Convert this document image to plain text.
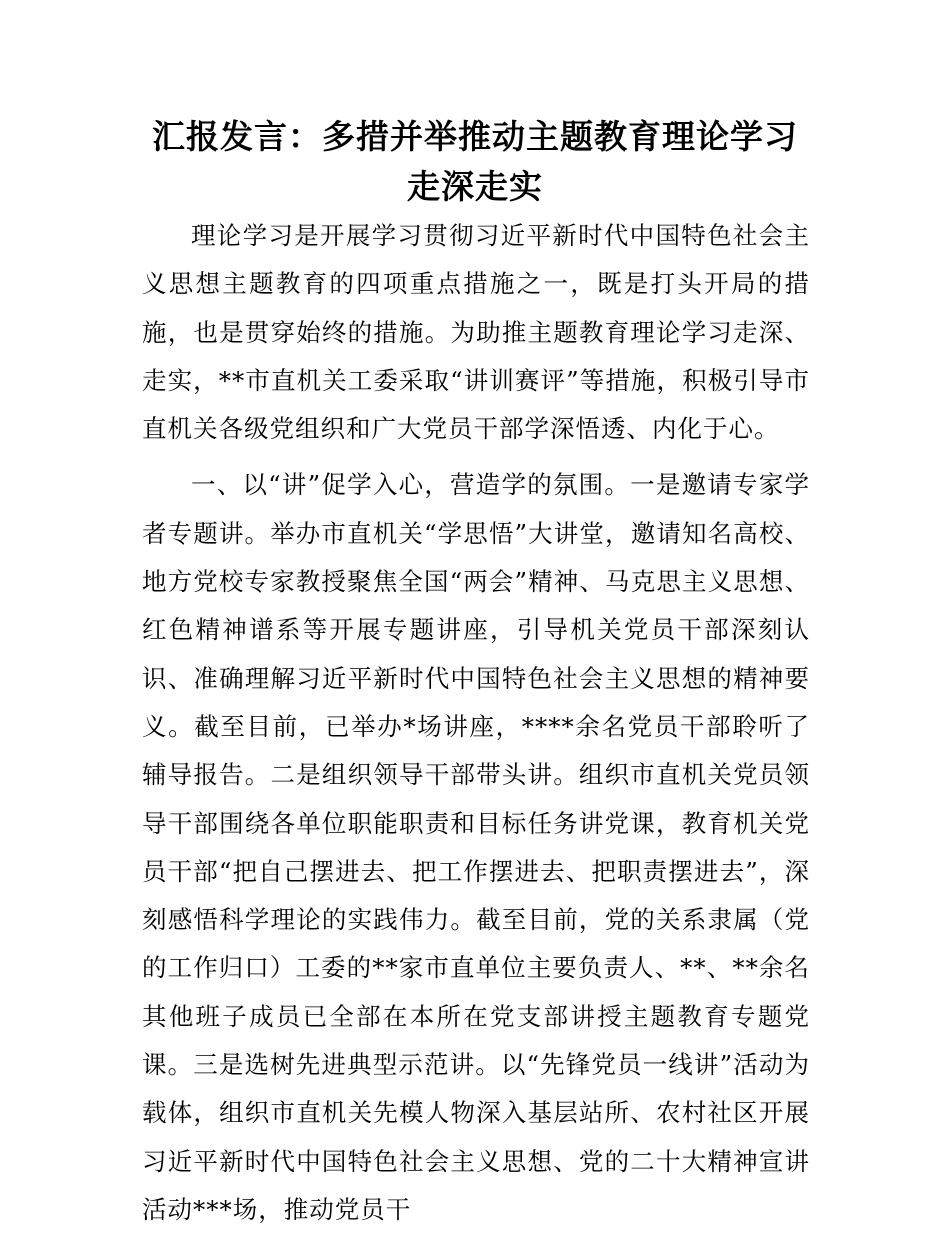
汇报发言：多措并举推动主题教育理论学习走深走实

理论学习是开展学习贯彻习近平新时代中国特色社会主义思想主题教育的四项重点措施之一，既是打头开局的措施，也是贯穿始终的措施。为助推主题教育理论学习走深、走实，**市直机关工委采取“讲训赛评”等措施，积极引导市直机关各级党组织和广大党员干部学深悟透、内化于心。

一、以“讲”促学入心，营造学的氛围。一是邀请专家学者专题讲。举办市直机关“学思悟”大讲堂，邀请知名高校、地方党校专家教授聚焦全国“两会”精神、马克思主义思想、红色精神谱系等开展专题讲座，引导机关党员干部深刻认识、准确理解习近平新时代中国特色社会主义思想的精神要义。截至目前，已举办*场讲座，****余名党员干部聆听了辅导报告。二是组织领导干部带头讲。组织市直机关党员领导干部围绕各单位职能职责和目标任务讲党课，教育机关党员干部“把自己摆进去、把工作摆进去、把职责摆进去”，深刻感悟科学理论的实践伟力。截至目前，党的关系隶属（党的工作归口）工委的**家市直单位主要负责人、**、**余名其他班子成员已全部在本所在党支部讲授主题教育专题党课。三是选树先进典型示范讲。以“先锋党员一线讲”活动为载体，组织市直机关先模人物深入基层站所、农村社区开展习近平新时代中国特色社会主义思想、党的二十大精神宣讲活动***场，推动党员干
